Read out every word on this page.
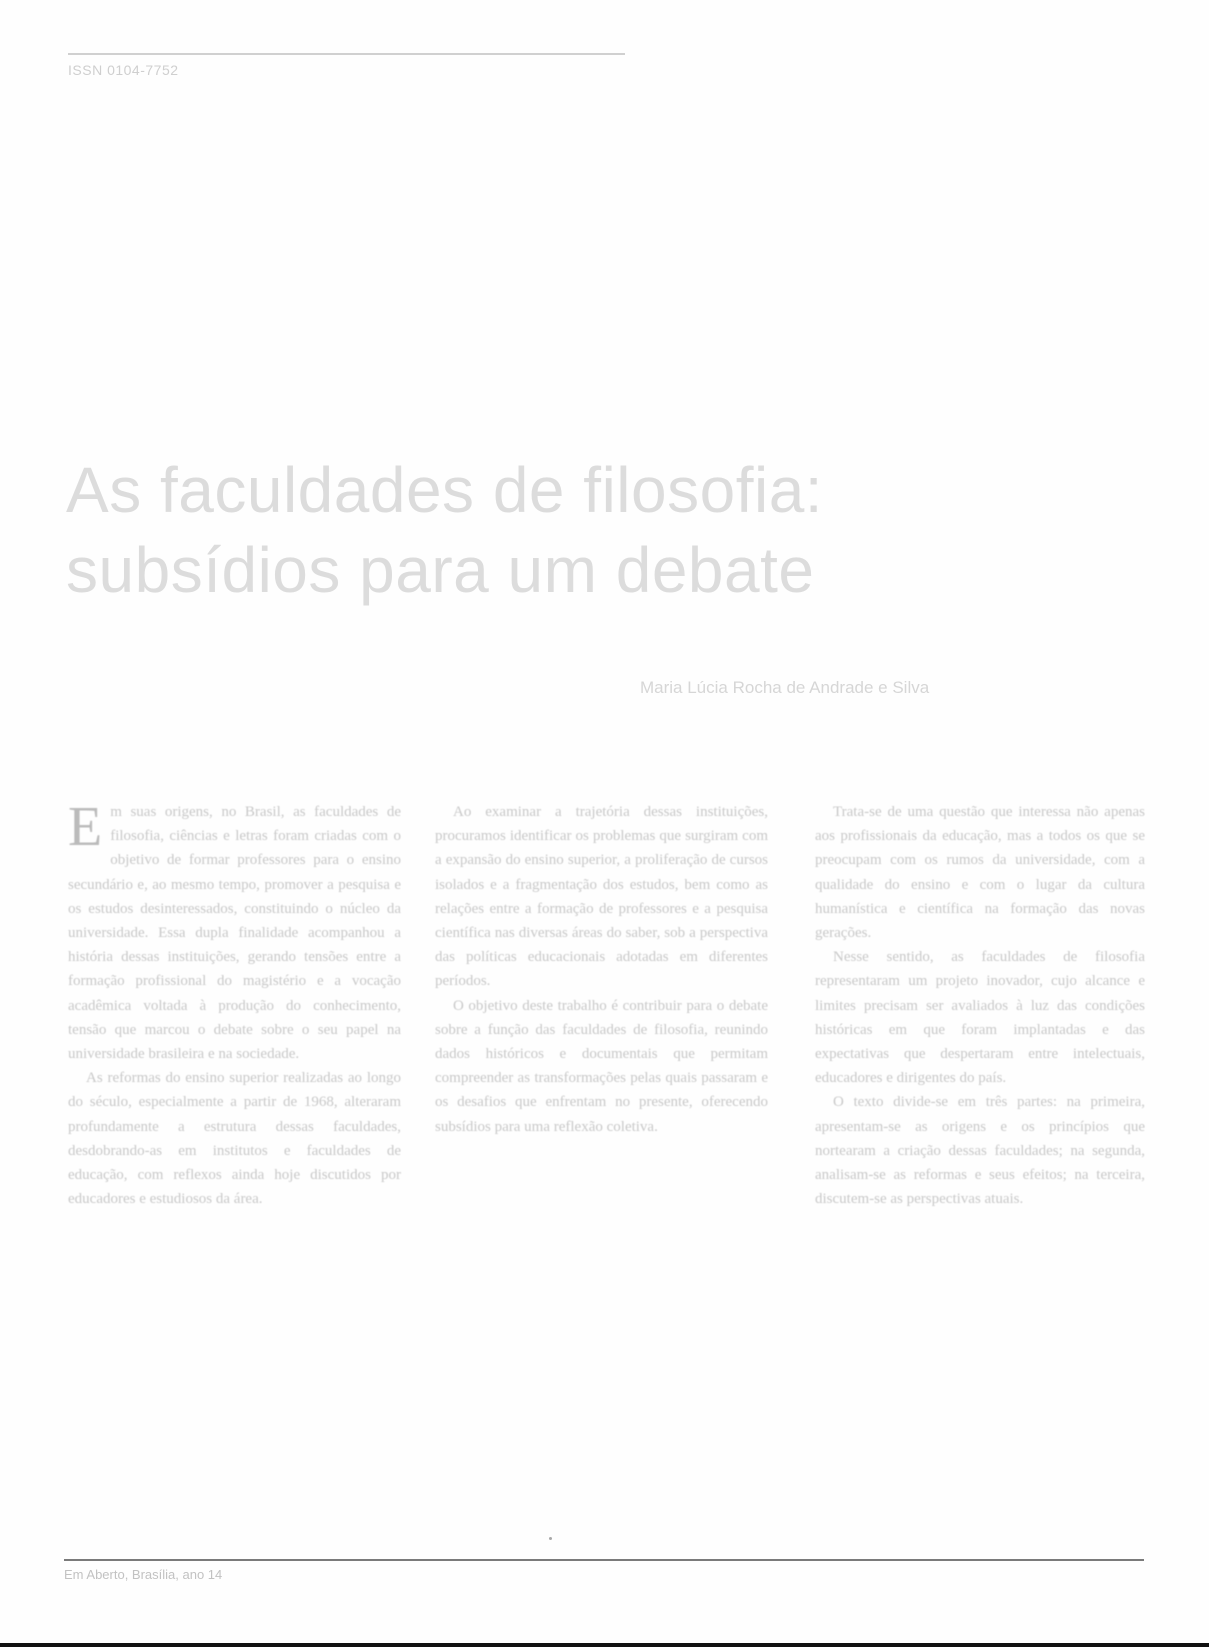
ISSN 0104-7752

As faculdades de filosofia:
subsídios para um debate

Maria Lúcia Rocha de Andrade e Silva

Em suas origens, no Brasil, as faculdades de filosofia, ciências e letras foram criadas com o objetivo de formar professores para o ensino secundário e, ao mesmo tempo, promover a pesquisa e os estudos desinteressados, constituindo o núcleo da universidade. Essa dupla finalidade acompanhou a história dessas instituições, gerando tensões entre a formação profissional do magistério e a vocação acadêmica voltada à produção do conhecimento, tensão que marcou o debate sobre o seu papel na universidade brasileira e na sociedade.

As reformas do ensino superior realizadas ao longo do século, especialmente a partir de 1968, alteraram profundamente a estrutura dessas faculdades, desdobrando-as em institutos e faculdades de educação, com reflexos ainda hoje discutidos por educadores e estudiosos da área.

Ao examinar a trajetória dessas instituições, procuramos identificar os problemas que surgiram com a expansão do ensino superior, a proliferação de cursos isolados e a fragmentação dos estudos, bem como as relações entre a formação de professores e a pesquisa científica nas diversas áreas do saber, sob a perspectiva das políticas educacionais adotadas em diferentes períodos.

O objetivo deste trabalho é contribuir para o debate sobre a função das faculdades de filosofia, reunindo dados históricos e documentais que permitam compreender as transformações pelas quais passaram e os desafios que enfrentam no presente, oferecendo subsídios para uma reflexão coletiva.

Trata-se de uma questão que interessa não apenas aos profissionais da educação, mas a todos os que se preocupam com os rumos da universidade, com a qualidade do ensino e com o lugar da cultura humanística e científica na formação das novas gerações.

Nesse sentido, as faculdades de filosofia representaram um projeto inovador, cujo alcance e limites precisam ser avaliados à luz das condições históricas em que foram implantadas e das expectativas que despertaram entre intelectuais, educadores e dirigentes do país.

O texto divide-se em três partes: na primeira, apresentam-se as origens e os princípios que nortearam a criação dessas faculdades; na segunda, analisam-se as reformas e seus efeitos; na terceira, discutem-se as perspectivas atuais.

Em Aberto, Brasília, ano 14
